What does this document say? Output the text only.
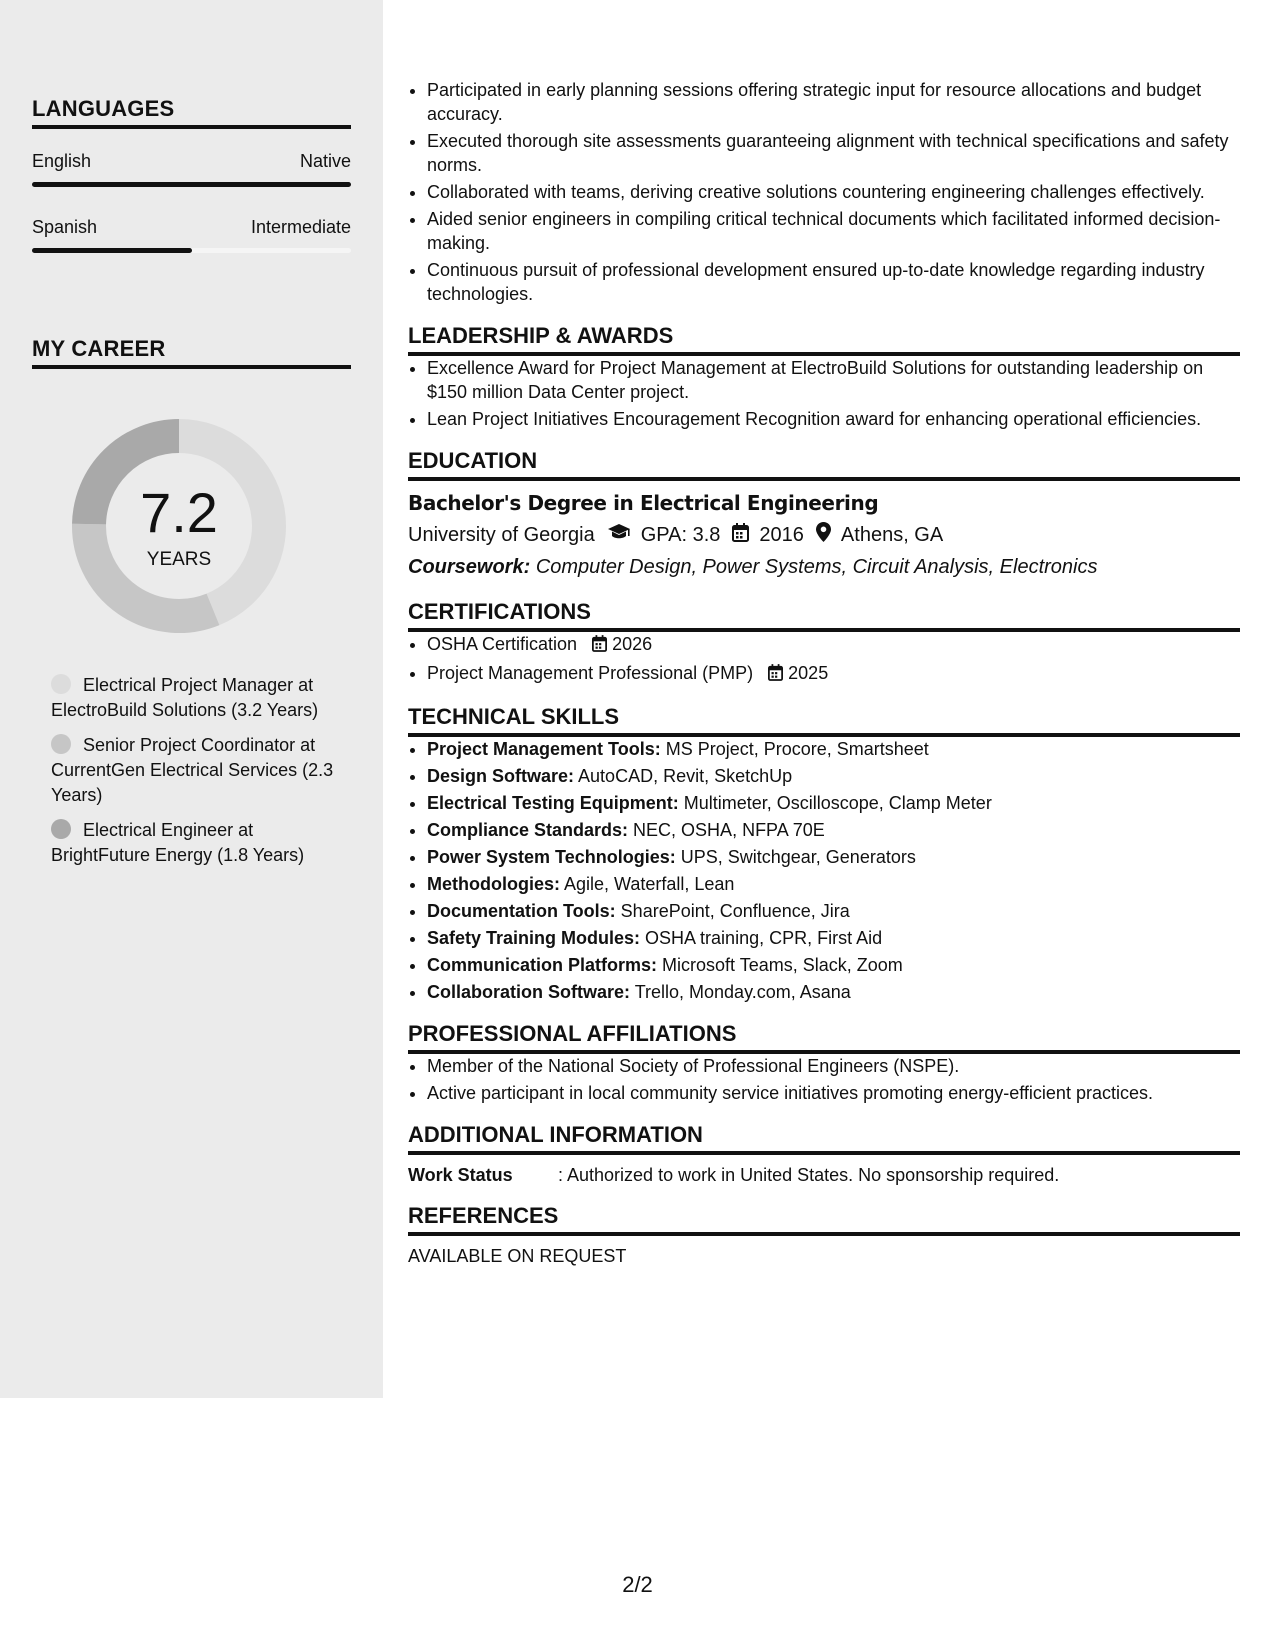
LANGUAGES
English	Native
Spanish	Intermediate
MY CAREER
7.2
YEARS
Electrical Project Manager at ElectroBuild Solutions (3.2 Years)
Senior Project Coordinator at CurrentGen Electrical Services (2.3 Years)
Electrical Engineer at BrightFuture Energy (1.8 Years)
• Participated in early planning sessions offering strategic input for resource allocations and budget accuracy.
• Executed thorough site assessments guaranteeing alignment with technical specifications and safety norms.
• Collaborated with teams, deriving creative solutions countering engineering challenges effectively.
• Aided senior engineers in compiling critical technical documents which facilitated informed decision-making.
• Continuous pursuit of professional development ensured up-to-date knowledge regarding industry technologies.
LEADERSHIP & AWARDS
• Excellence Award for Project Management at ElectroBuild Solutions for outstanding leadership on $150 million Data Center project.
• Lean Project Initiatives Encouragement Recognition award for enhancing operational efficiencies.
EDUCATION
Bachelor's Degree in Electrical Engineering
University of Georgia GPA: 3.8 2016 Athens, GA
Coursework: Computer Design, Power Systems, Circuit Analysis, Electronics
CERTIFICATIONS
• OSHA Certification 2026
• Project Management Professional (PMP) 2025
TECHNICAL SKILLS
• Project Management Tools: MS Project, Procore, Smartsheet
• Design Software: AutoCAD, Revit, SketchUp
• Electrical Testing Equipment: Multimeter, Oscilloscope, Clamp Meter
• Compliance Standards: NEC, OSHA, NFPA 70E
• Power System Technologies: UPS, Switchgear, Generators
• Methodologies: Agile, Waterfall, Lean
• Documentation Tools: SharePoint, Confluence, Jira
• Safety Training Modules: OSHA training, CPR, First Aid
• Communication Platforms: Microsoft Teams, Slack, Zoom
• Collaboration Software: Trello, Monday.com, Asana
PROFESSIONAL AFFILIATIONS
• Member of the National Society of Professional Engineers (NSPE).
• Active participant in local community service initiatives promoting energy-efficient practices.
ADDITIONAL INFORMATION
Work Status	: Authorized to work in United States. No sponsorship required.
REFERENCES
AVAILABLE ON REQUEST
2/2
